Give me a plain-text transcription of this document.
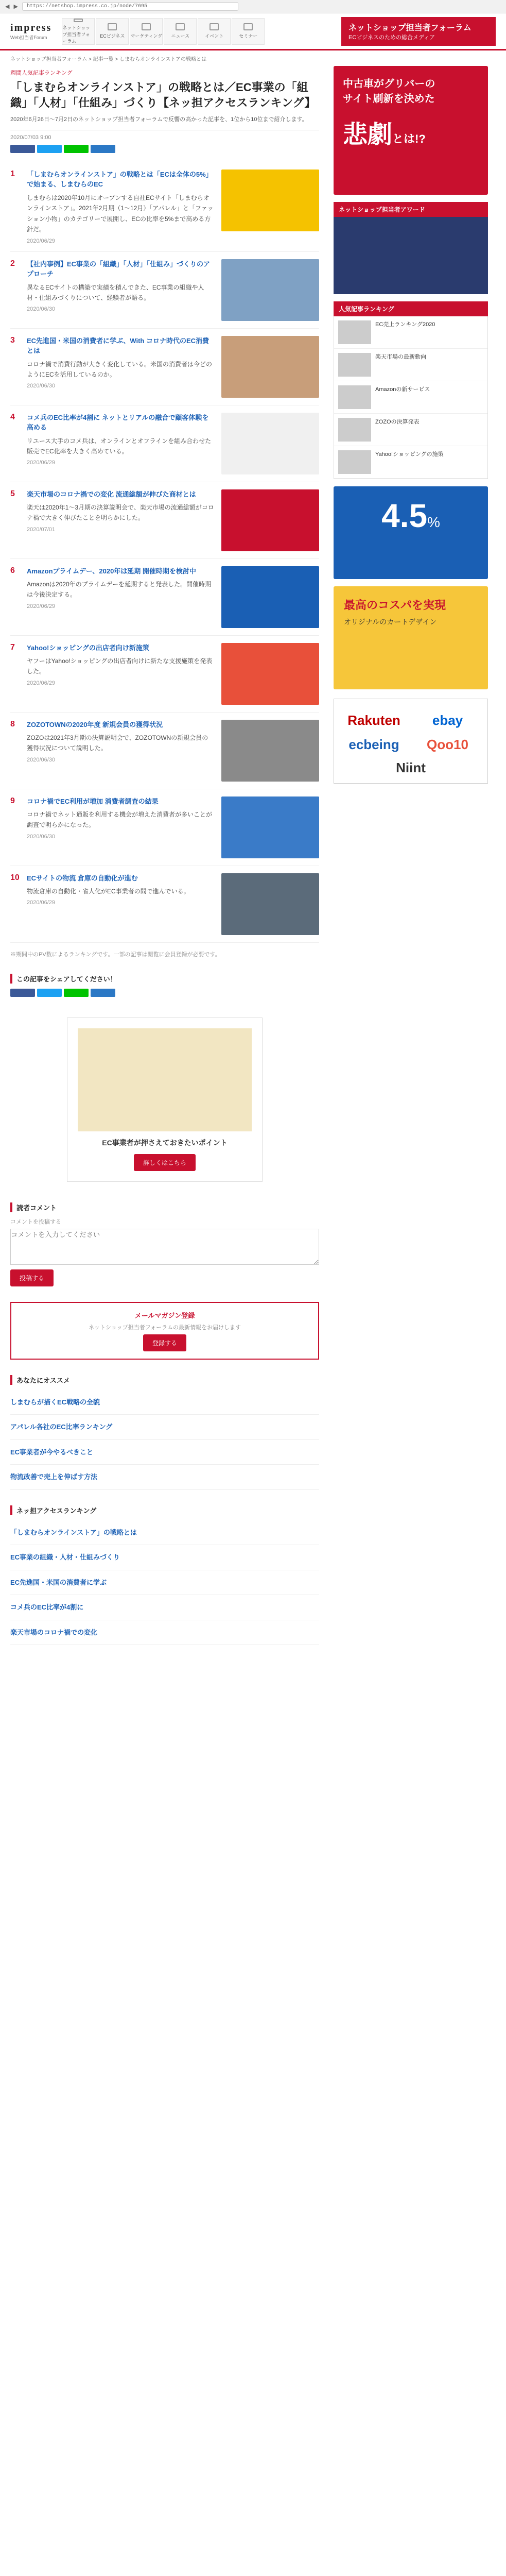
◀ ▶	https://netshop.impress.co.jp/node/7695
impress
Web担当者Forum
ネットショップ担当者フォーラム
ECビジネス マーケティング ニュース	イベント	セミナー
ネットショップ担当者フォーラム
ECビジネスのための総合メディア
ネットショップ担当者フォーラム > 記事一覧 > しまむらオンラインストアの戦略とは
週間人気記事ランキング
「しまむらオンラインストア」の戦略とは／EC事業の「組織」「人材」「仕組み」づくり【ネッ担アクセスランキング】

2020年6月26日〜7月2日のネットショップ担当者フォーラムで反響の高かった記事を、1位から10位まで紹介します。

2020/07/03 9:00
1	「しまむらオンラインストア」の戦略とは「ECは全体の5%」で始まる、しまむらのEC
しまむらは2020年10月にオープンする自社ECサイト「しまむらオンラインストア」。2021年2月期（1〜12月）「アパレル」と「ファッション小物」のカテゴリーで展開し、ECの比率を5%まで高める方針だ。
2020/06/29
2	【社内事例】EC事業の「組織」「人材」「仕組み」づくりのアプローチ
異なるECサイトの構築で実績を積んできた、EC事業の組織や人材・仕組みづくりについて、経験者が語る。
2020/06/30
3	EC先進国・米国の消費者に学ぶ、With コロナ時代のEC消費とは
コロナ禍で消費行動が大きく変化している。米国の消費者は今どのようにECを活用しているのか。
2020/06/30
4	コメ兵のEC比率が4割に ネットとリアルの融合で顧客体験を高める
リユース大手のコメ兵は、オンラインとオフラインを組み合わせた販売でEC化率を大きく高めている。
2020/06/29
5	楽天市場のコロナ禍での変化 流通総額が伸びた商材とは
楽天は2020年1〜3月期の決算説明会で、楽天市場の流通総額がコロナ禍で大きく伸びたことを明らかにした。
2020/07/01
6	Amazonプライムデー、2020年は延期 開催時期を検討中
Amazonは2020年のプライムデーを延期すると発表した。開催時期は今後決定する。
2020/06/29
7	Yahoo!ショッピングの出店者向け新施策
ヤフーはYahoo!ショッピングの出店者向けに新たな支援施策を発表した。
2020/06/29
8	ZOZOTOWNの2020年度 新規会員の獲得状況
ZOZOは2021年3月期の決算説明会で、ZOZOTOWNの新規会員の獲得状況について説明した。
2020/06/30
9	コロナ禍でEC利用が増加 消費者調査の結果
コロナ禍でネット通販を利用する機会が増えた消費者が多いことが調査で明らかになった。
2020/06/30
10 ECサイトの物流 倉庫の自動化が進む
物流倉庫の自動化・省人化がEC事業者の間で進んでいる。
2020/06/29

※期間中のPV数によるランキングです。一部の記事は閲覧に会員登録が必要です。

この記事をシェアしてください！

EC事業者が押さえておきたいポイント

詳しくはこちら
読者コメント

コメントを投稿する

コメントを入力してください 投稿する

メールマガジン登録

ネットショップ担当者フォーラムの最新情報をお届けします

登録する
あなたにオススメ
しまむらが描くEC戦略の全貌
アパレル各社のEC比率ランキング
EC事業者が今やるべきこと
物流改善で売上を伸ばす方法
ネッ担アクセスランキング
「しまむらオンラインストア」の戦略とは
EC事業の組織・人材・仕組みづくり
EC先進国・米国の消費者に学ぶ
コメ兵のEC比率が4割に
楽天市場のコロナ禍での変化

中古車がグリバーの

サイト刷新を決めた

悲劇とは!?

ネットショップ担当者アワード
人気記事ランキング
EC売上ランキング2020
楽天市場の最新動向
Amazonの新サービス
ZOZOの決算発表
Yahoo!ショッピングの施策
4.5%

最高のコスパを実現

オリジナルのカートデザイン

Rakuten	ebay
ecbeing	Qoo10
Niint
